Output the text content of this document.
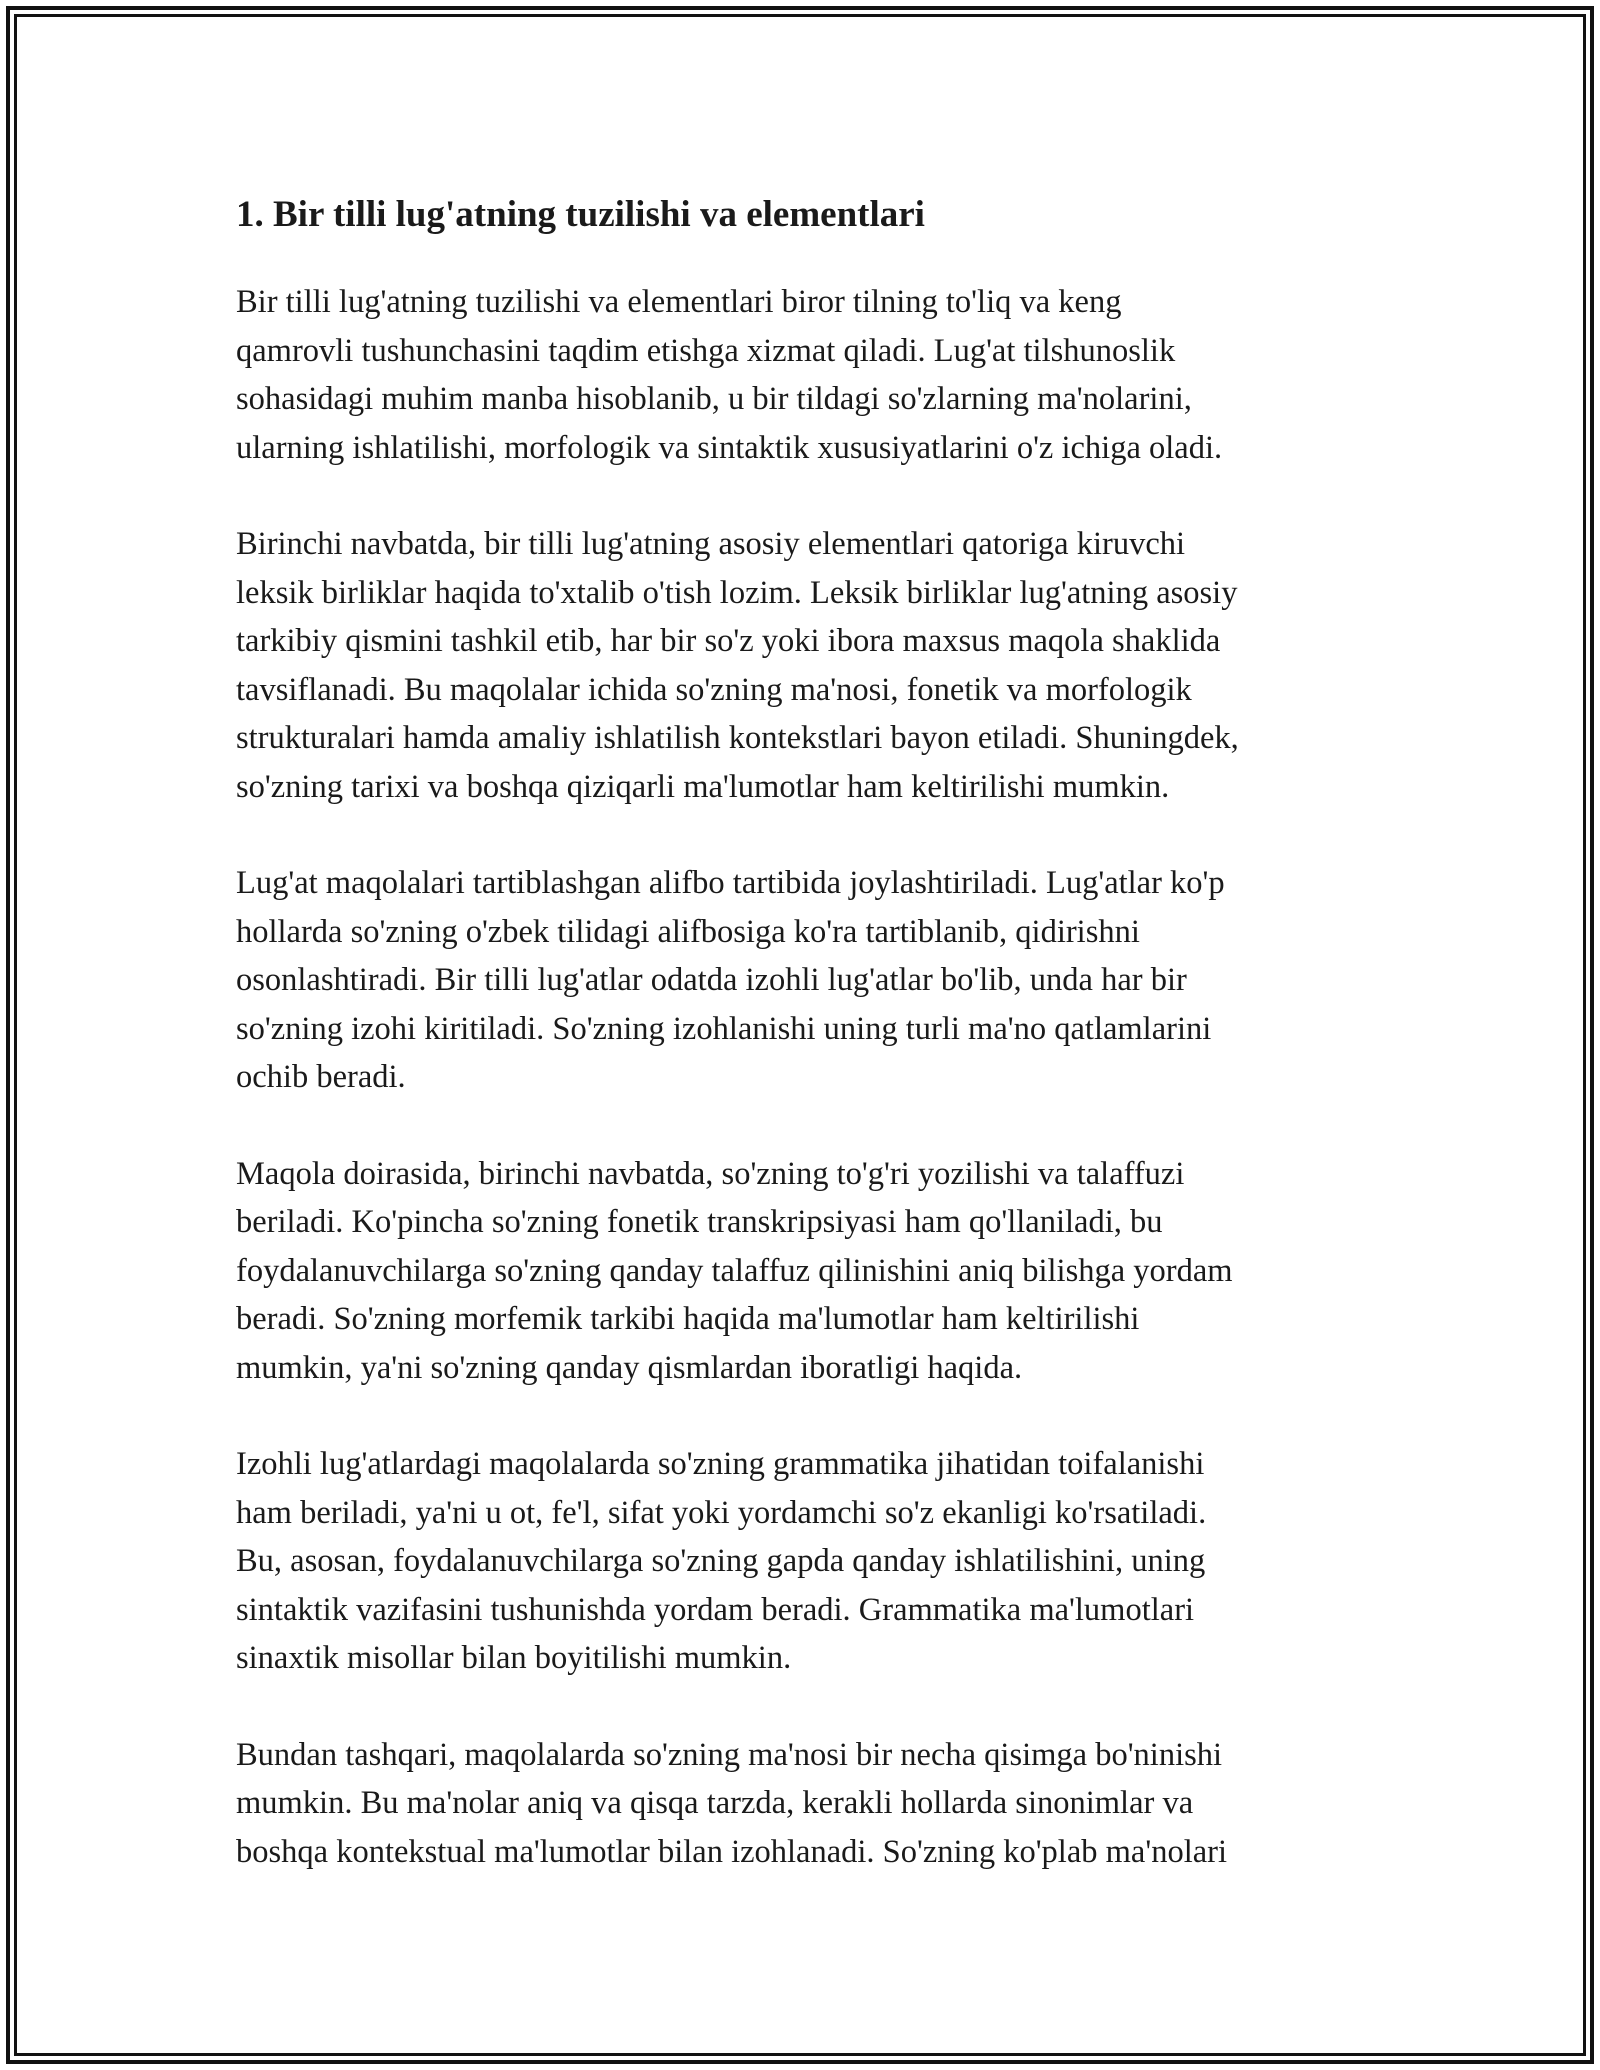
1. Bir tilli lug'atning tuzilishi va elementlari

Bir tilli lug'atning tuzilishi va elementlari biror tilning to'liq va keng
qamrovli tushunchasini taqdim etishga xizmat qiladi. Lug'at tilshunoslik
sohasidagi muhim manba hisoblanib, u bir tildagi so'zlarning ma'nolarini,
ularning ishlatilishi, morfologik va sintaktik xususiyatlarini o'z ichiga oladi.

Birinchi navbatda, bir tilli lug'atning asosiy elementlari qatoriga kiruvchi
leksik birliklar haqida to'xtalib o'tish lozim. Leksik birliklar lug'atning asosiy
tarkibiy qismini tashkil etib, har bir so'z yoki ibora maxsus maqola shaklida
tavsiflanadi. Bu maqolalar ichida so'zning ma'nosi, fonetik va morfologik
strukturalari hamda amaliy ishlatilish kontekstlari bayon etiladi. Shuningdek,
so'zning tarixi va boshqa qiziqarli ma'lumotlar ham keltirilishi mumkin.

Lug'at maqolalari tartiblashgan alifbo tartibida joylashtiriladi. Lug'atlar ko'p
hollarda so'zning o'zbek tilidagi alifbosiga ko'ra tartiblanib, qidirishni
osonlashtiradi. Bir tilli lug'atlar odatda izohli lug'atlar bo'lib, unda har bir
so'zning izohi kiritiladi. So'zning izohlanishi uning turli ma'no qatlamlarini
ochib beradi.

Maqola doirasida, birinchi navbatda, so'zning to'g'ri yozilishi va talaffuzi
beriladi. Ko'pincha so'zning fonetik transkripsiyasi ham qo'llaniladi, bu
foydalanuvchilarga so'zning qanday talaffuz qilinishini aniq bilishga yordam
beradi. So'zning morfemik tarkibi haqida ma'lumotlar ham keltirilishi
mumkin, ya'ni so'zning qanday qismlardan iboratligi haqida.

Izohli lug'atlardagi maqolalarda so'zning grammatika jihatidan toifalanishi
ham beriladi, ya'ni u ot, fe'l, sifat yoki yordamchi so'z ekanligi ko'rsatiladi.
Bu, asosan, foydalanuvchilarga so'zning gapda qanday ishlatilishini, uning
sintaktik vazifasini tushunishda yordam beradi. Grammatika ma'lumotlari
sinaxtik misollar bilan boyitilishi mumkin.

Bundan tashqari, maqolalarda so'zning ma'nosi bir necha qisimga bo'ninishi
mumkin. Bu ma'nolar aniq va qisqa tarzda, kerakli hollarda sinonimlar va
boshqa kontekstual ma'lumotlar bilan izohlanadi. So'zning ko'plab ma'nolari
